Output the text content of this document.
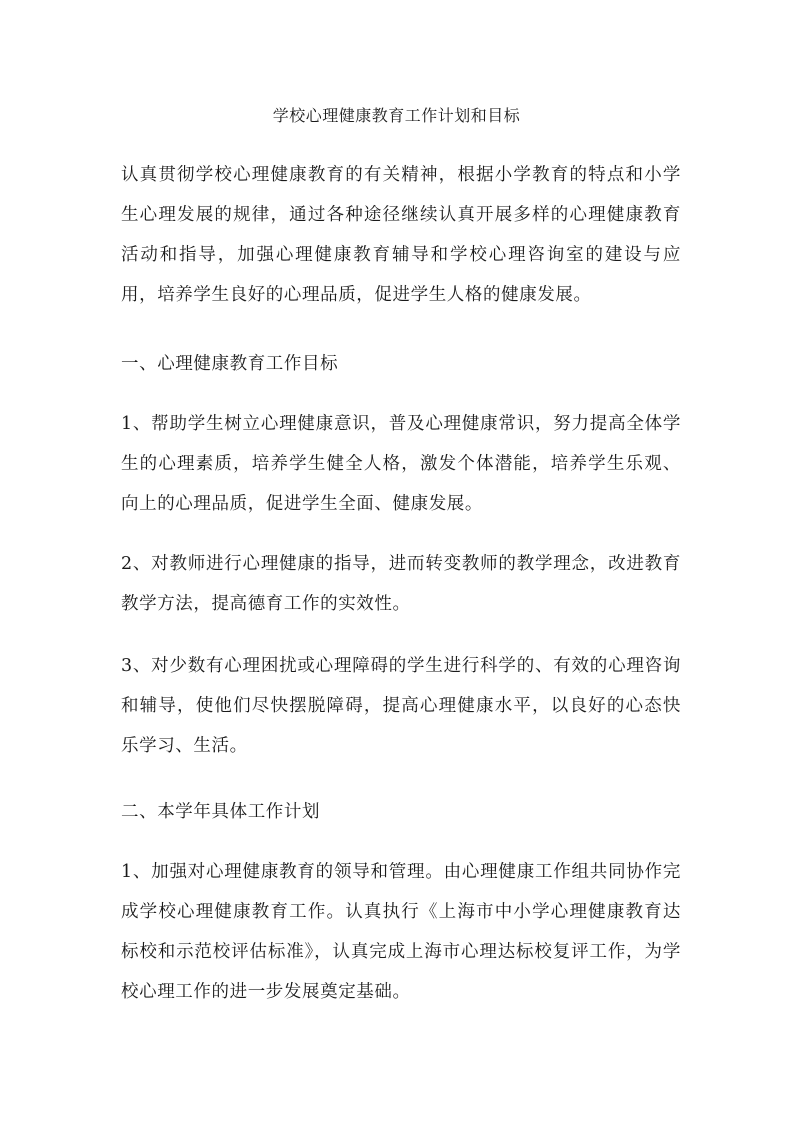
学校心理健康教育工作计划和目标

认真贯彻学校心理健康教育的有关精神，根据小学教育的特点和小学生心理发展的规律，通过各种途径继续认真开展多样的心理健康教育活动和指导，加强心理健康教育辅导和学校心理咨询室的建设与应用，培养学生良好的心理品质，促进学生人格的健康发展。

一、心理健康教育工作目标

1、帮助学生树立心理健康意识，普及心理健康常识，努力提高全体学生的心理素质，培养学生健全人格，激发个体潜能，培养学生乐观、向上的心理品质，促进学生全面、健康发展。

2、对教师进行心理健康的指导，进而转变教师的教学理念，改进教育教学方法，提高德育工作的实效性。

3、对少数有心理困扰或心理障碍的学生进行科学的、有效的心理咨询和辅导，使他们尽快摆脱障碍，提高心理健康水平，以良好的心态快乐学习、生活。

二、本学年具体工作计划

1、加强对心理健康教育的领导和管理。由心理健康工作组共同协作完成学校心理健康教育工作。认真执行《上海市中小学心理健康教育达标校和示范校评估标准》，认真完成上海市心理达标校复评工作，为学校心理工作的进一步发展奠定基础。
